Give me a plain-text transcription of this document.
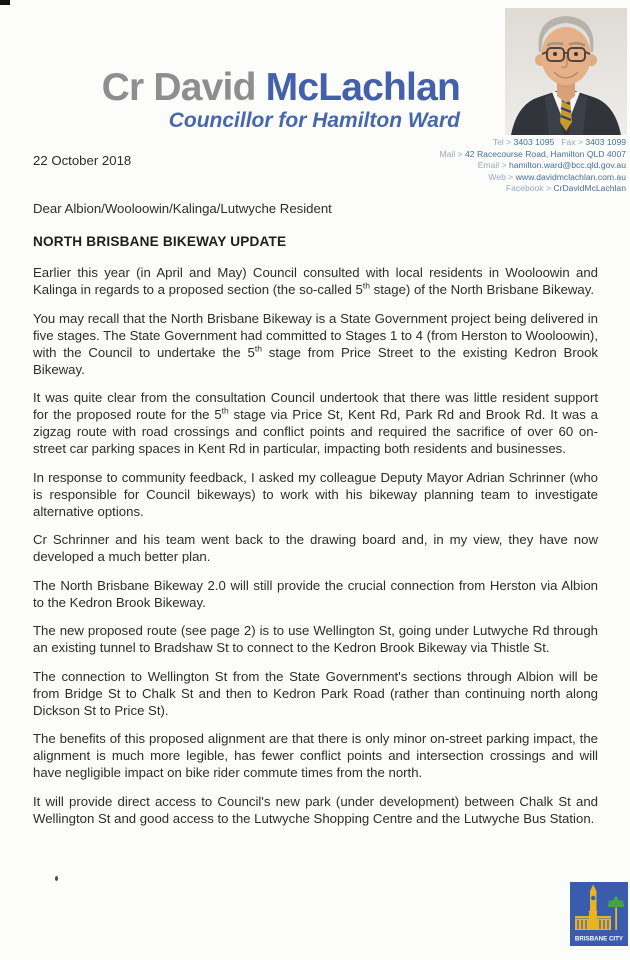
Cr David McLachlan
Councillor for Hamilton Ward
Tel > 3403 1095 Fax > 3403 1099
Mail > 42 Racecourse Road, Hamilton QLD 4007
Email > hamilton.ward@bcc.qld.gov.au
Web > www.davidmclachlan.com.au
Facebook > CrDavidMcLachlan

22 October 2018

Dear Albion/Wooloowin/Kalinga/Lutwyche Resident

NORTH BRISBANE BIKEWAY UPDATE

Earlier this year (in April and May) Council consulted with local residents in Wooloowin and Kalinga in regards to a proposed section (the so-called 5th stage) of the North Brisbane Bikeway.

You may recall that the North Brisbane Bikeway is a State Government project being delivered in five stages. The State Government had committed to Stages 1 to 4 (from Herston to Wooloowin), with the Council to undertake the 5th stage from Price Street to the existing Kedron Brook Bikeway.

It was quite clear from the consultation Council undertook that there was little resident support for the proposed route for the 5th stage via Price St, Kent Rd, Park Rd and Brook Rd. It was a zigzag route with road crossings and conflict points and required the sacrifice of over 60 on-street car parking spaces in Kent Rd in particular, impacting both residents and businesses.

In response to community feedback, I asked my colleague Deputy Mayor Adrian Schrinner (who is responsible for Council bikeways) to work with his bikeway planning team to investigate alternative options.

Cr Schrinner and his team went back to the drawing board and, in my view, they have now developed a much better plan.

The North Brisbane Bikeway 2.0 will still provide the crucial connection from Herston via Albion to the Kedron Brook Bikeway.

The new proposed route (see page 2) is to use Wellington St, going under Lutwyche Rd through an existing tunnel to Bradshaw St to connect to the Kedron Brook Bikeway via Thistle St.

The connection to Wellington St from the State Government's sections through Albion will be from Bridge St to Chalk St and then to Kedron Park Road (rather than continuing north along Dickson St to Price St).

The benefits of this proposed alignment are that there is only minor on-street parking impact, the alignment is much more legible, has fewer conflict points and intersection crossings and will have negligible impact on bike rider commute times from the north.

It will provide direct access to Council's new park (under development) between Chalk St and Wellington St and good access to the Lutwyche Shopping Centre and the Lutwyche Bus Station.

BRISBANE CITY
